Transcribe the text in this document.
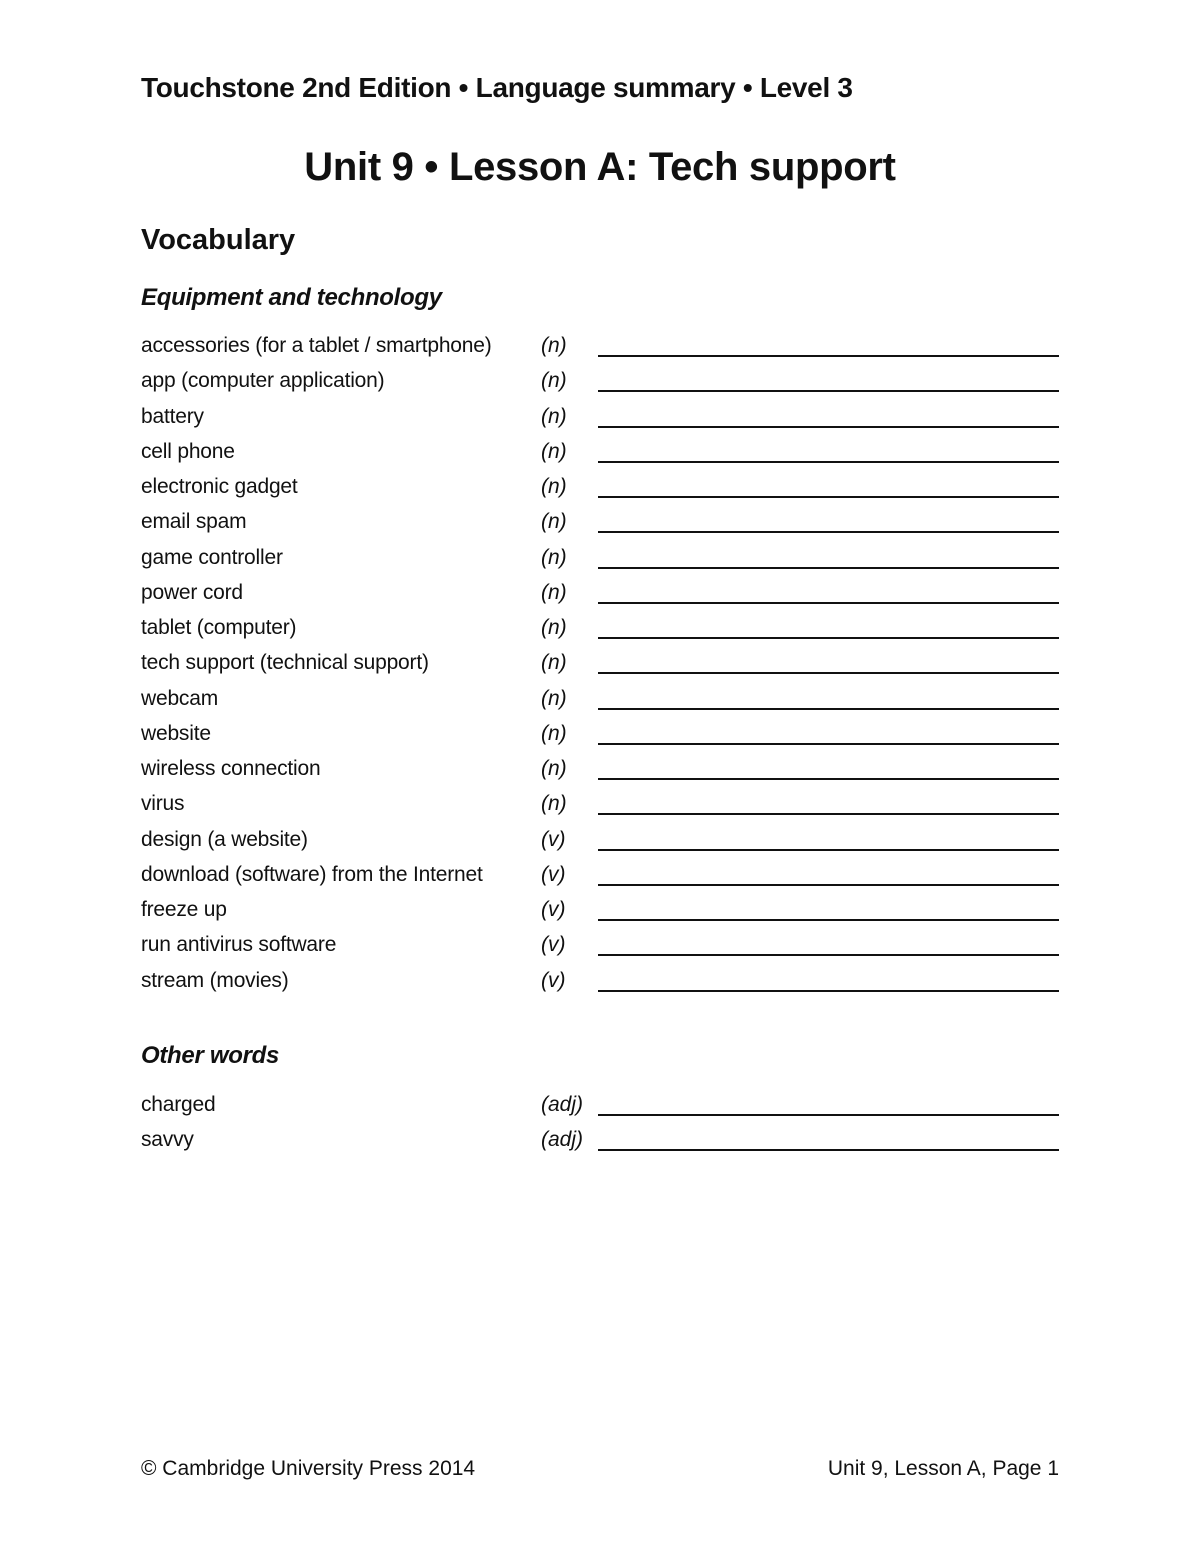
Touchstone 2nd Edition • Language summary • Level 3
Unit 9 • Lesson A: Tech support
Vocabulary
Equipment and technology
accessories (for a tablet / smartphone) (n)
app (computer application)	(n)
battery	(n)
cell phone	(n)
electronic gadget	(n)
email spam	(n)
game controller	(n)
power cord	(n)
tablet (computer)	(n)
tech support (technical support)	(n)
webcam	(n)
website	(n)
wireless connection	(n)
virus	(n)
design (a website)	(v)
download (software) from the Internet	(v)
freeze up	(v)
run antivirus software	(v)
stream (movies)	(v)
Other words
charged	(adj)
savvy	(adj)
© Cambridge University Press 2014	Unit 9, Lesson A, Page 1
